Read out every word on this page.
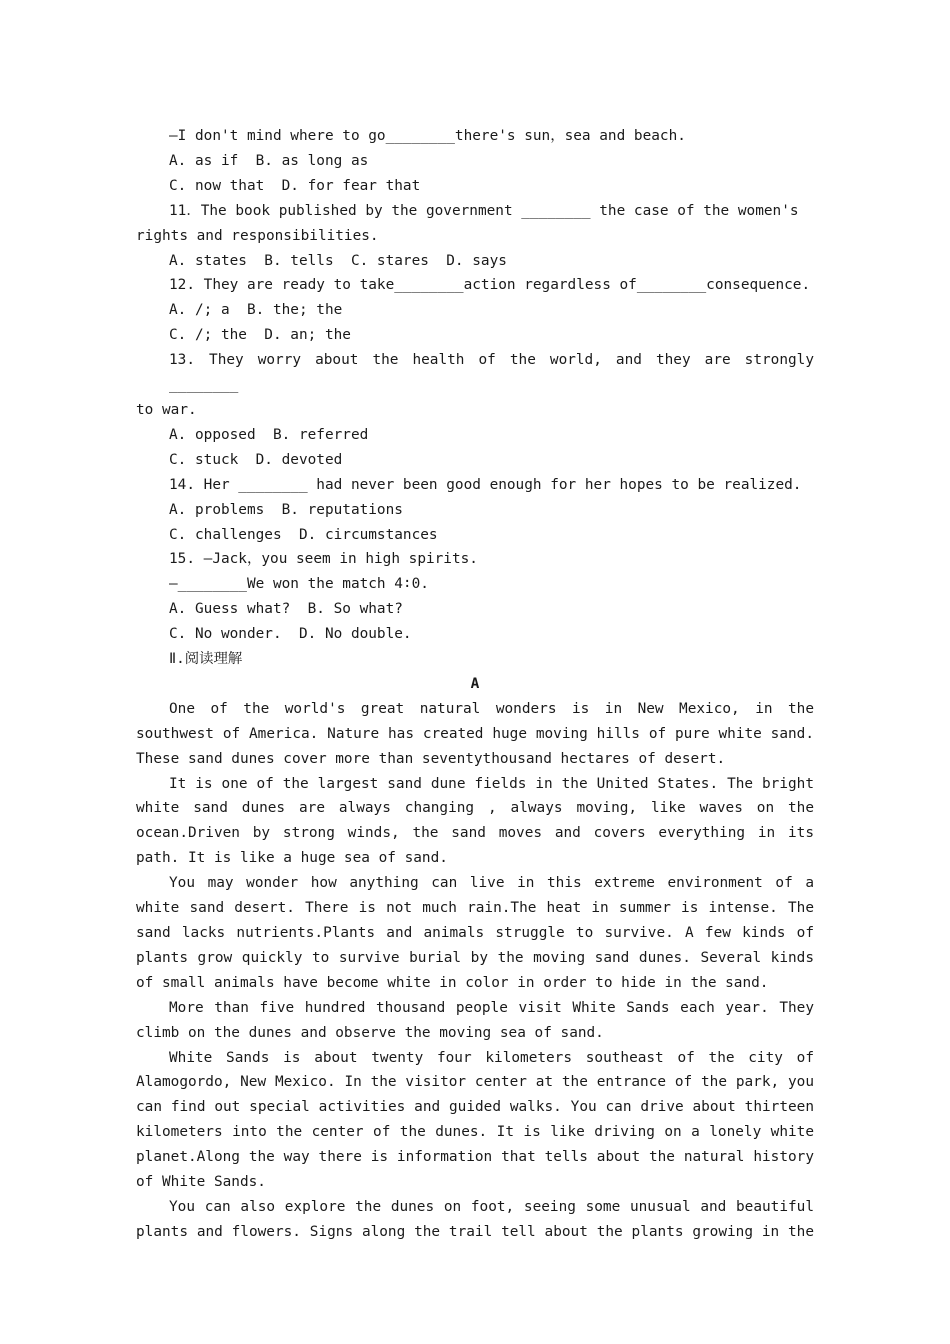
—I don't mind where to go________there's sun，sea and beach.

A. as if  B. as long as

C. now that  D. for fear that

11．The book published by the government ________ the case of the women's

rights and responsibilities.

A. states  B. tells  C. stares  D. says

12. They are ready to take________action regardless of________consequence.

A. /; a  B. the; the

C. /; the  D. an; the

13. They worry about the health of the world, and they are strongly ________

to war.

A. opposed  B. referred

C. stuck  D. devoted

14. Her ________ had never been good enough for her hopes to be realized.

A. problems  B. reputations

C. challenges  D. circumstances

15. —Jack，you seem in high spirits.

—________We won the match 4∶0.

A. Guess what?  B. So what?

C. No wonder.  D. No double.

Ⅱ.阅读理解

A

One of the world's great natural wonders is in New Mexico, in the southwest of America. Nature has created huge moving hills of pure white sand. These sand dunes cover more than seventythousand hectares of desert.

It is one of the largest sand dune fields in the United States. The bright white sand dunes are always changing , always moving, like waves on the ocean.Driven by strong winds, the sand moves and covers everything in its path. It is like a huge sea of sand.

You may wonder how anything can live in this extreme environment of a white sand desert. There is not much rain.The heat in summer is intense. The sand lacks nutrients.Plants and animals struggle to survive. A few kinds of plants grow quickly to survive burial by the moving sand dunes. Several kinds of small animals have become white in color in order to hide in the sand.

More than five hundred thousand people visit White Sands each year. They climb on the dunes and observe the moving sea of sand.

White Sands is about twenty four kilometers southeast of the city of Alamogordo, New Mexico. In the visitor center at the entrance of the park, you can find out special activities and guided walks. You can drive about thirteen kilometers into the center of the dunes. It is like driving on a lonely white planet.Along the way there is information that tells about the natural history of White Sands.

You can also explore the dunes on foot, seeing some unusual and beautiful plants and flowers. Signs along the trail tell about the plants growing in the
